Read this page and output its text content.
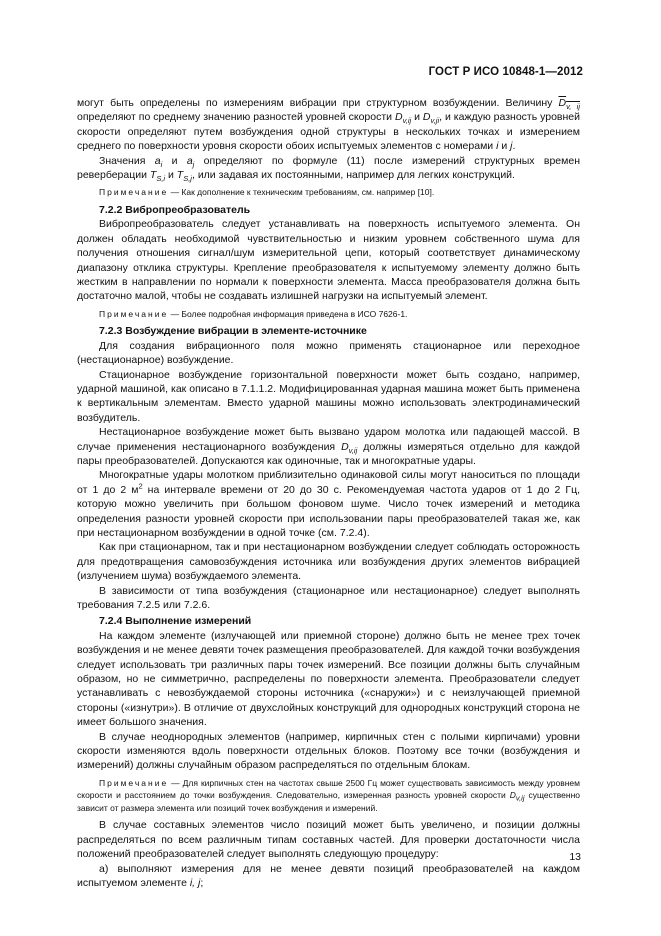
ГОСТ Р ИСО 10848-1—2012

могут быть определены по измерениям вибрации при структурном возбуждении. Величину $D_{v, ij}$ определяют по среднему значению разностей уровней скорости $D_{v,ij}$ и $D_{v,ji}$, и каждую разность уровней скорости определяют путем возбуждения одной структуры в нескольких точках и измерением среднего по поверхности уровня скорости обоих испытуемых элементов с номерами i и j.

Значения $a_i$ и $a_j$ определяют по формуле (11) после измерений структурных времен реверберации $T_{S,i}$ и $T_{S,j}$, или задавая их постоянными, например для легких конструкций.

Примечание — Как дополнение к техническим требованиям, см. например [10].

7.2.2 Вибропреобразователь

Вибропреобразователь следует устанавливать на поверхность испытуемого элемента. Он должен обладать необходимой чувствительностью и низким уровнем собственного шума для получения отношения сигнал/шум измерительной цепи, который соответствует динамическому диапазону отклика структуры. Крепление преобразователя к испытуемому элементу должно быть жестким в направлении по нормали к поверхности элемента. Масса преобразователя должна быть достаточно малой, чтобы не создавать излишней нагрузки на испытуемый элемент.

Примечание — Более подробная информация приведена в ИСО 7626-1.

7.2.3 Возбуждение вибрации в элементе-источнике

Для создания вибрационного поля можно применять стационарное или переходное (нестационарное) возбуждение.

Стационарное возбуждение горизонтальной поверхности может быть создано, например, ударной машиной, как описано в 7.1.1.2. Модифицированная ударная машина может быть применена к вертикальным элементам. Вместо ударной машины можно использовать электродинамический возбудитель.

Нестационарное возбуждение может быть вызвано ударом молотка или падающей массой. В случае применения нестационарного возбуждения $D_{v,ij}$ должны измеряться отдельно для каждой пары преобразователей. Допускаются как одиночные, так и многократные удары.

Многократные удары молотком приблизительно одинаковой силы могут наноситься по площади от 1 до 2 $м^2$ на интервале времени от 20 до 30 с. Рекомендуемая частота ударов от 1 до 2 Гц, которую можно увеличить при большом фоновом шуме. Число точек измерений и методика определения разности уровней скорости при использовании пары преобразователей такая же, как при нестационарном возбуждении в одной точке (см. 7.2.4).

Как при стационарном, так и при нестационарном возбуждении следует соблюдать осторожность для предотвращения самовозбуждения источника или возбуждения других элементов вибрацией (излучением шума) возбуждаемого элемента.

В зависимости от типа возбуждения (стационарное или нестационарное) следует выполнять требования 7.2.5 или 7.2.6.

7.2.4 Выполнение измерений

На каждом элементе (излучающей или приемной стороне) должно быть не менее трех точек возбуждения и не менее девяти точек размещения преобразователей. Для каждой точки возбуждения следует использовать три различных пары точек измерений. Все позиции должны быть случайным образом, но не симметрично, распределены по поверхности элемента. Преобразователи следует устанавливать с невозбуждаемой стороны источника («снаружи») и с неизлучающей приемной стороны («изнутри»). В отличие от двухслойных конструкций для однородных конструкций сторона не имеет большого значения.

В случае неоднородных элементов (например, кирпичных стен с полыми кирпичами) уровни скорости изменяются вдоль поверхности отдельных блоков. Поэтому все точки (возбуждения и измерений) должны случайным образом распределяться по отдельным блокам.

Примечание — Для кирпичных стен на частотах свыше 2500 Гц может существовать зависимость между уровнем скорости и расстоянием до точки возбуждения. Следовательно, измеренная разность уровней скорости $D_{v,ij}$ существенно зависит от размера элемента или позиций точек возбуждения и измерений.

В случае составных элементов число позиций может быть увеличено, и позиции должны распределяться по всем различным типам составных частей. Для проверки достаточности числа положений преобразователей следует выполнять следующую процедуру:

а) выполняют измерения для не менее девяти позиций преобразователей на каждом испытуемом элементе i, j;

13
